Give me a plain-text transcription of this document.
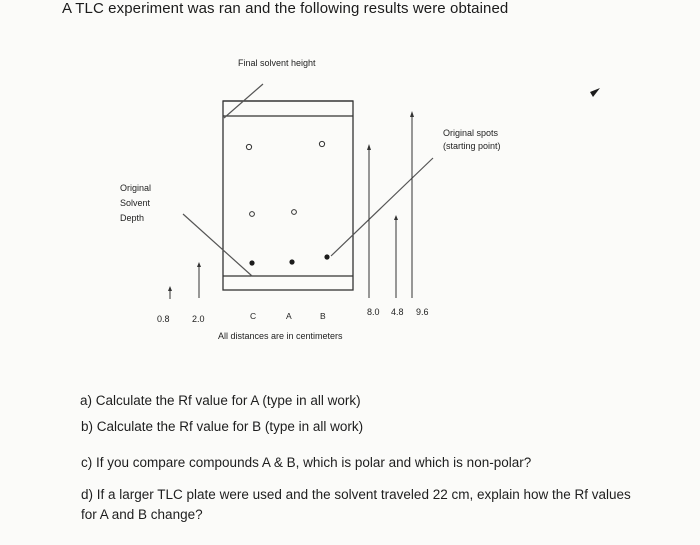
A TLC experiment was ran and the following results were obtained
Final solvent height
Original
Solvent
Depth
Original spots
(starting point)
C	A	B
0.8 2.0
8.0 4.8 9.6
All distances are in centimeters
a) Calculate the Rf value for A (type in all work)
b) Calculate the Rf value for B (type in all work)
c) If you compare compounds A & B, which is polar and which is non-polar?
d) If a larger TLC plate were used and the solvent traveled 22 cm, explain how the Rf values for A and B change?
